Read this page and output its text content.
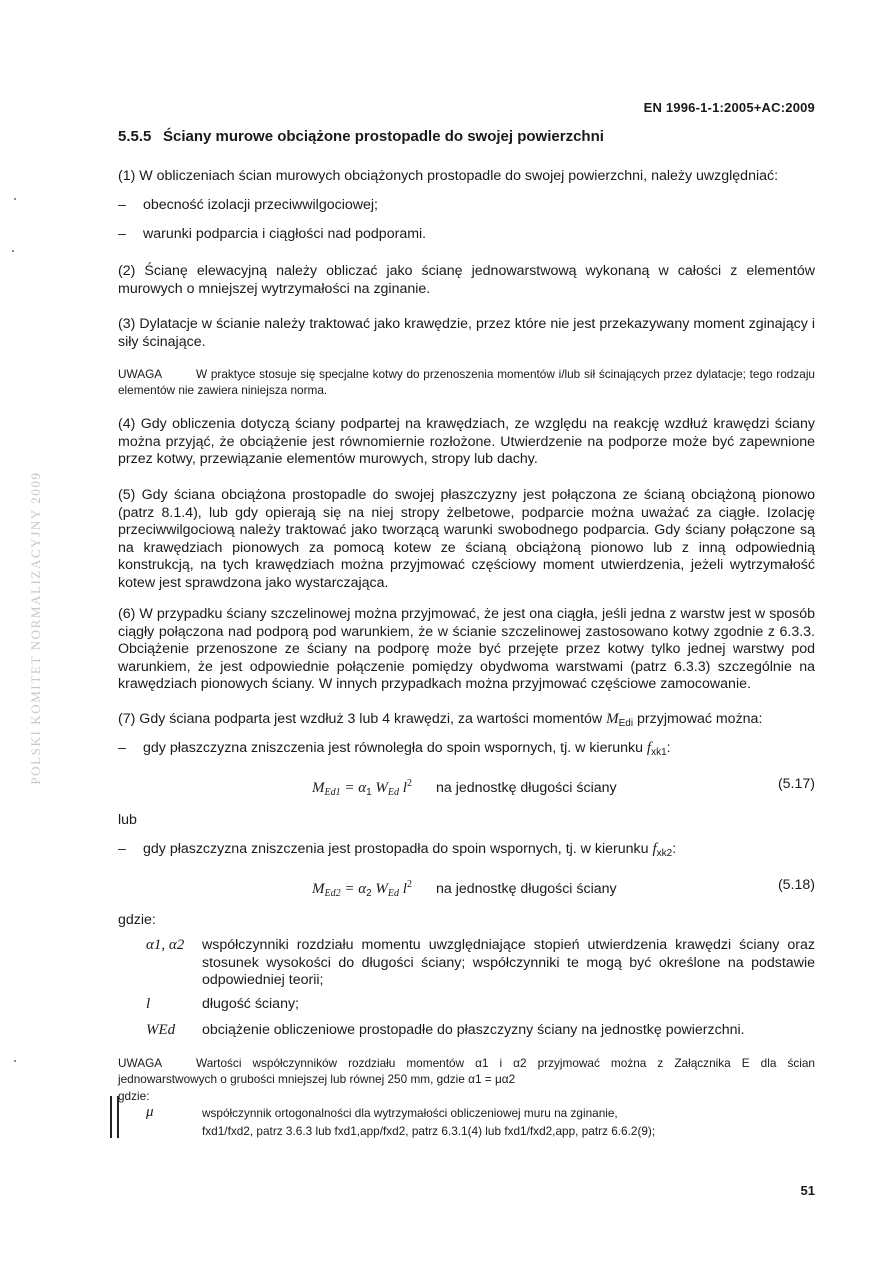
EN 1996-1-1:2005+AC:2009
5.5.5 Ściany murowe obciążone prostopadle do swojej powierzchni
(1) W obliczeniach ścian murowych obciążonych prostopadle do swojej powierzchni, należy uwzględniać:
– obecność izolacji przeciwwilgociowej;
– warunki podparcia i ciągłości nad podporami.
(2) Ścianę elewacyjną należy obliczać jako ścianę jednowarstwową wykonaną w całości z elementów murowych o mniejszej wytrzymałości na zginanie.
(3) Dylatacje w ścianie należy traktować jako krawędzie, przez które nie jest przekazywany moment zginający i siły ścinające.
UWAGA	W praktyce stosuje się specjalne kotwy do przenoszenia momentów i/lub sił ścinających przez dylatacje; tego rodzaju elementów nie zawiera niniejsza norma.
(4) Gdy obliczenia dotyczą ściany podpartej na krawędziach, ze względu na reakcję wzdłuż krawędzi ściany można przyjąć, że obciążenie jest równomiernie rozłożone. Utwierdzenie na podporze może być zapewnione przez kotwy, przewiązanie elementów murowych, stropy lub dachy.
(5) Gdy ściana obciążona prostopadle do swojej płaszczyzny jest połączona ze ścianą obciążoną pionowo (patrz 8.1.4), lub gdy opierają się na niej stropy żelbetowe, podparcie można uważać za ciągłe. Izolację przeciwwilgociową należy traktować jako tworzącą warunki swobodnego podparcia. Gdy ściany połączone są na krawędziach pionowych za pomocą kotew ze ścianą obciążoną pionowo lub z inną odpowiednią konstrukcją, na tych krawędziach można przyjmować częściowy moment utwierdzenia, jeżeli wytrzymałość kotew jest sprawdzona jako wystarczająca.
(6) W przypadku ściany szczelinowej można przyjmować, że jest ona ciągła, jeśli jedna z warstw jest w sposób ciągły połączona nad podporą pod warunkiem, że w ścianie szczelinowej zastosowano kotwy zgodnie z 6.3.3. Obciążenie przenoszone ze ściany na podporę może być przejęte przez kotwy tylko jednej warstwy pod warunkiem, że jest odpowiednie połączenie pomiędzy obydwoma warstwami (patrz 6.3.3) szczególnie na krawędziach pionowych ściany. W innych przypadkach można przyjmować częściowe zamocowanie.
(7) Gdy ściana podparta jest wzdłuż 3 lub 4 krawędzi, za wartości momentów $M_{Edi}$ przyjmować można:
– gdy płaszczyzna zniszczenia jest równoległa do spoin wspornych, tj. w kierunku $f_{xk1}$:
$M_{Ed1} = \alpha_1$ $W_{Ed}$ $l^2$ na jednostkę długości ściany	(5.17)
lub
– gdy płaszczyzna zniszczenia jest prostopadła do spoin wspornych, tj. w kierunku $f_{xk2}$:
$M_{Ed2} = \alpha_2$ $W_{Ed}$ $l^2$ na jednostkę długości ściany	(5.18)
gdzie:
α1, α2 współczynniki rozdziału momentu uwzględniające stopień utwierdzenia krawędzi ściany oraz stosunek wysokości do długości ściany; współczynniki te mogą być określone na podstawie odpowiedniej teorii;
l	długość ściany;
WEd obciążenie obliczeniowe prostopadłe do płaszczyzny ściany na jednostkę powierzchni.
UWAGA	Wartości współczynników rozdziału momentów α1 i α2 przyjmować można z Załącznika E dla ścian jednowarstwowych o grubości mniejszej lub równej 250 mm, gdzie α1 = μα2
gdzie:
μ	współczynnik ortogonalności dla wytrzymałości obliczeniowej muru na zginanie,
fxd1/fxd2, patrz 3.6.3 lub fxd1,app/fxd2, patrz 6.3.1(4) lub fxd1/fxd2,app, patrz 6.6.2(9);
POLSKI KOMITET NORMALIZACYJNY 2009
51
